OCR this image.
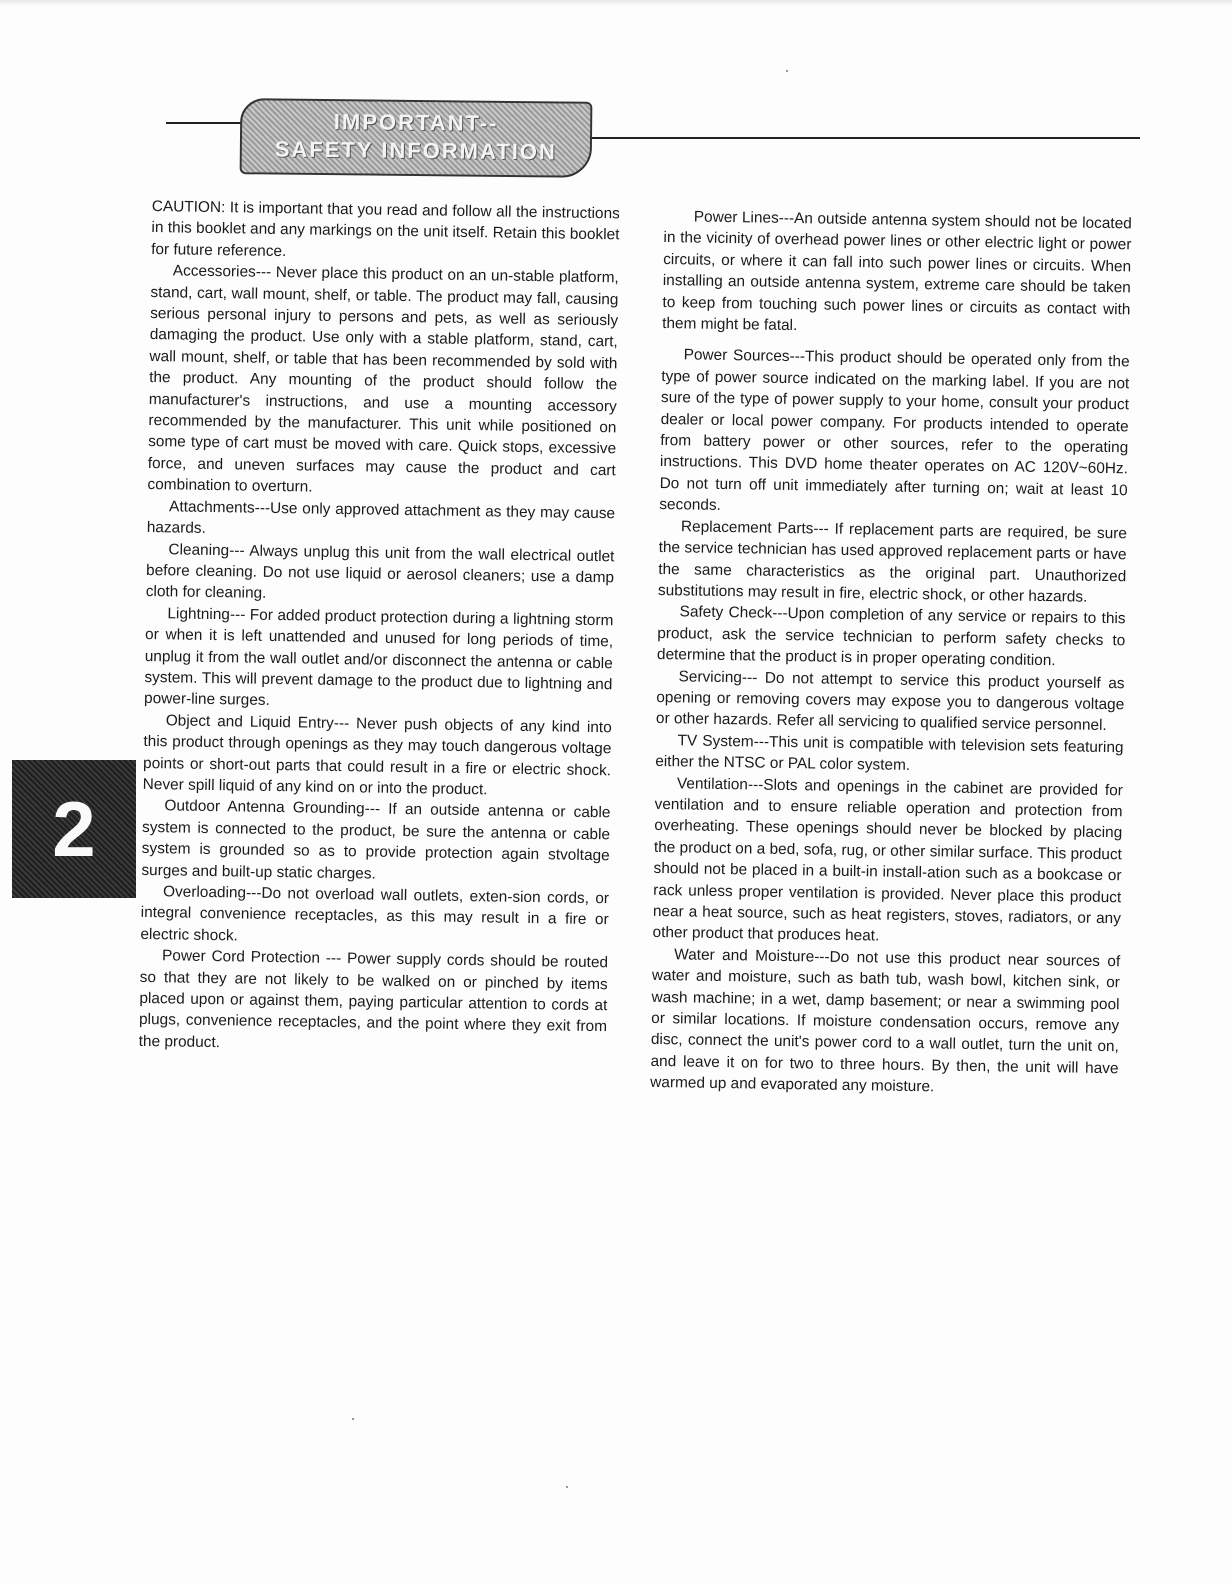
IMPORTANT--
SAFETY INFORMATION

CAUTION: It is important that you read and follow all the instructions in this booklet and any markings on the unit itself. Retain this booklet for future reference.

Accessories--- Never place this product on an un-stable platform, stand, cart, wall mount, shelf, or table. The product may fall, causing serious personal injury to persons and pets, as well as seriously damaging the product. Use only with a stable platform, stand, cart, wall mount, shelf, or table that has been recommended by sold with the product. Any mounting of the product should follow the manufacturer's instructions, and use a mounting accessory recommended by the manufacturer. This unit while positioned on some type of cart must be moved with care. Quick stops, excessive force, and uneven surfaces may cause the product and cart combination to overturn.

Attachments---Use only approved attachment as they may cause hazards.

Cleaning--- Always unplug this unit from the wall electrical outlet before cleaning. Do not use liquid or aerosol cleaners; use a damp cloth for cleaning.

Lightning--- For added product protection during a lightning storm or when it is left unattended and unused for long periods of time, unplug it from the wall outlet and/or disconnect the antenna or cable system. This will prevent damage to the product due to lightning and power-line surges.

Object and Liquid Entry--- Never push objects of any kind into this product through openings as they may touch dangerous voltage points or short-out parts that could result in a fire or electric shock. Never spill liquid of any kind on or into the product.

Outdoor Antenna Grounding--- If an outside antenna or cable system is connected to the product, be sure the antenna or cable system is grounded so as to provide protection again stvoltage surges and built-up static charges.

Overloading---Do not overload wall outlets, exten-sion cords, or integral convenience receptacles, as this may result in a fire or electric shock.

Power Cord Protection --- Power supply cords should be routed so that they are not likely to be walked on or pinched by items placed upon or against them, paying particular attention to cords at plugs, convenience receptacles, and the point where they exit from the product.

Power Lines---An outside antenna system should not be located in the vicinity of overhead power lines or other electric light or power circuits, or where it can fall into such power lines or circuits. When installing an outside antenna system, extreme care should be taken to keep from touching such power lines or circuits as contact with them might be fatal.

Power Sources---This product should be operated only from the type of power source indicated on the marking label. If you are not sure of the type of power supply to your home, consult your product dealer or local power company. For products intended to operate from battery power or other sources, refer to the operating instructions. This DVD home theater operates on AC 120V~60Hz. Do not turn off unit immediately after turning on; wait at least 10 seconds.

Replacement Parts--- If replacement parts are required, be sure the service technician has used approved replacement parts or have the same characteristics as the original part. Unauthorized substitutions may result in fire, electric shock, or other hazards.

Safety Check---Upon completion of any service or repairs to this product, ask the service technician to perform safety checks to determine that the product is in proper operating condition.

Servicing--- Do not attempt to service this product yourself as opening or removing covers may expose you to dangerous voltage or other hazards. Refer all servicing to qualified service personnel.

TV System---This unit is compatible with television sets featuring either the NTSC or PAL color system.

Ventilation---Slots and openings in the cabinet are provided for ventilation and to ensure reliable operation and protection from overheating. These openings should never be blocked by placing the product on a bed, sofa, rug, or other similar surface. This product should not be placed in a built-in install-ation such as a bookcase or rack unless proper ventilation is provided. Never place this product near a heat source, such as heat registers, stoves, radiators, or any other product that produces heat.

Water and Moisture---Do not use this product near sources of water and moisture, such as bath tub, wash bowl, kitchen sink, or wash machine; in a wet, damp basement; or near a swimming pool or similar locations. If moisture condensation occurs, remove any disc, connect the unit's power cord to a wall outlet, turn the unit on, and leave it on for two to three hours. By then, the unit will have warmed up and evaporated any moisture.

2
